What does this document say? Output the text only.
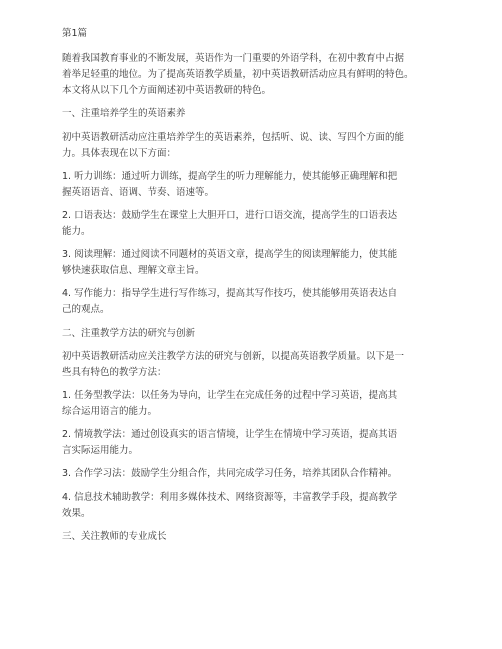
第1篇

随着我国教育事业的不断发展，英语作为一门重要的外语学科，在初中教育中占据

着举足轻重的地位。为了提高英语教学质量，初中英语教研活动应具有鲜明的特色。

本文将从以下几个方面阐述初中英语教研的特色。

一、注重培养学生的英语素养

初中英语教研活动应注重培养学生的英语素养，包括听、说、读、写四个方面的能

力。具体表现在以下方面：

1. 听力训练：通过听力训练，提高学生的听力理解能力，使其能够正确理解和把

握英语语音、语调、节奏、语速等。

2. 口语表达：鼓励学生在课堂上大胆开口，进行口语交流，提高学生的口语表达

能力。

3. 阅读理解：通过阅读不同题材的英语文章，提高学生的阅读理解能力，使其能

够快速获取信息、理解文章主旨。

4. 写作能力：指导学生进行写作练习，提高其写作技巧，使其能够用英语表达自

己的观点。

二、注重教学方法的研究与创新

初中英语教研活动应关注教学方法的研究与创新，以提高英语教学质量。以下是一

些具有特色的教学方法：

1. 任务型教学法：以任务为导向，让学生在完成任务的过程中学习英语，提高其

综合运用语言的能力。

2. 情境教学法：通过创设真实的语言情境，让学生在情境中学习英语，提高其语

言实际运用能力。

3. 合作学习法：鼓励学生分组合作，共同完成学习任务，培养其团队合作精神。

4. 信息技术辅助教学：利用多媒体技术、网络资源等，丰富教学手段，提高教学

效果。

三、关注教师的专业成长
